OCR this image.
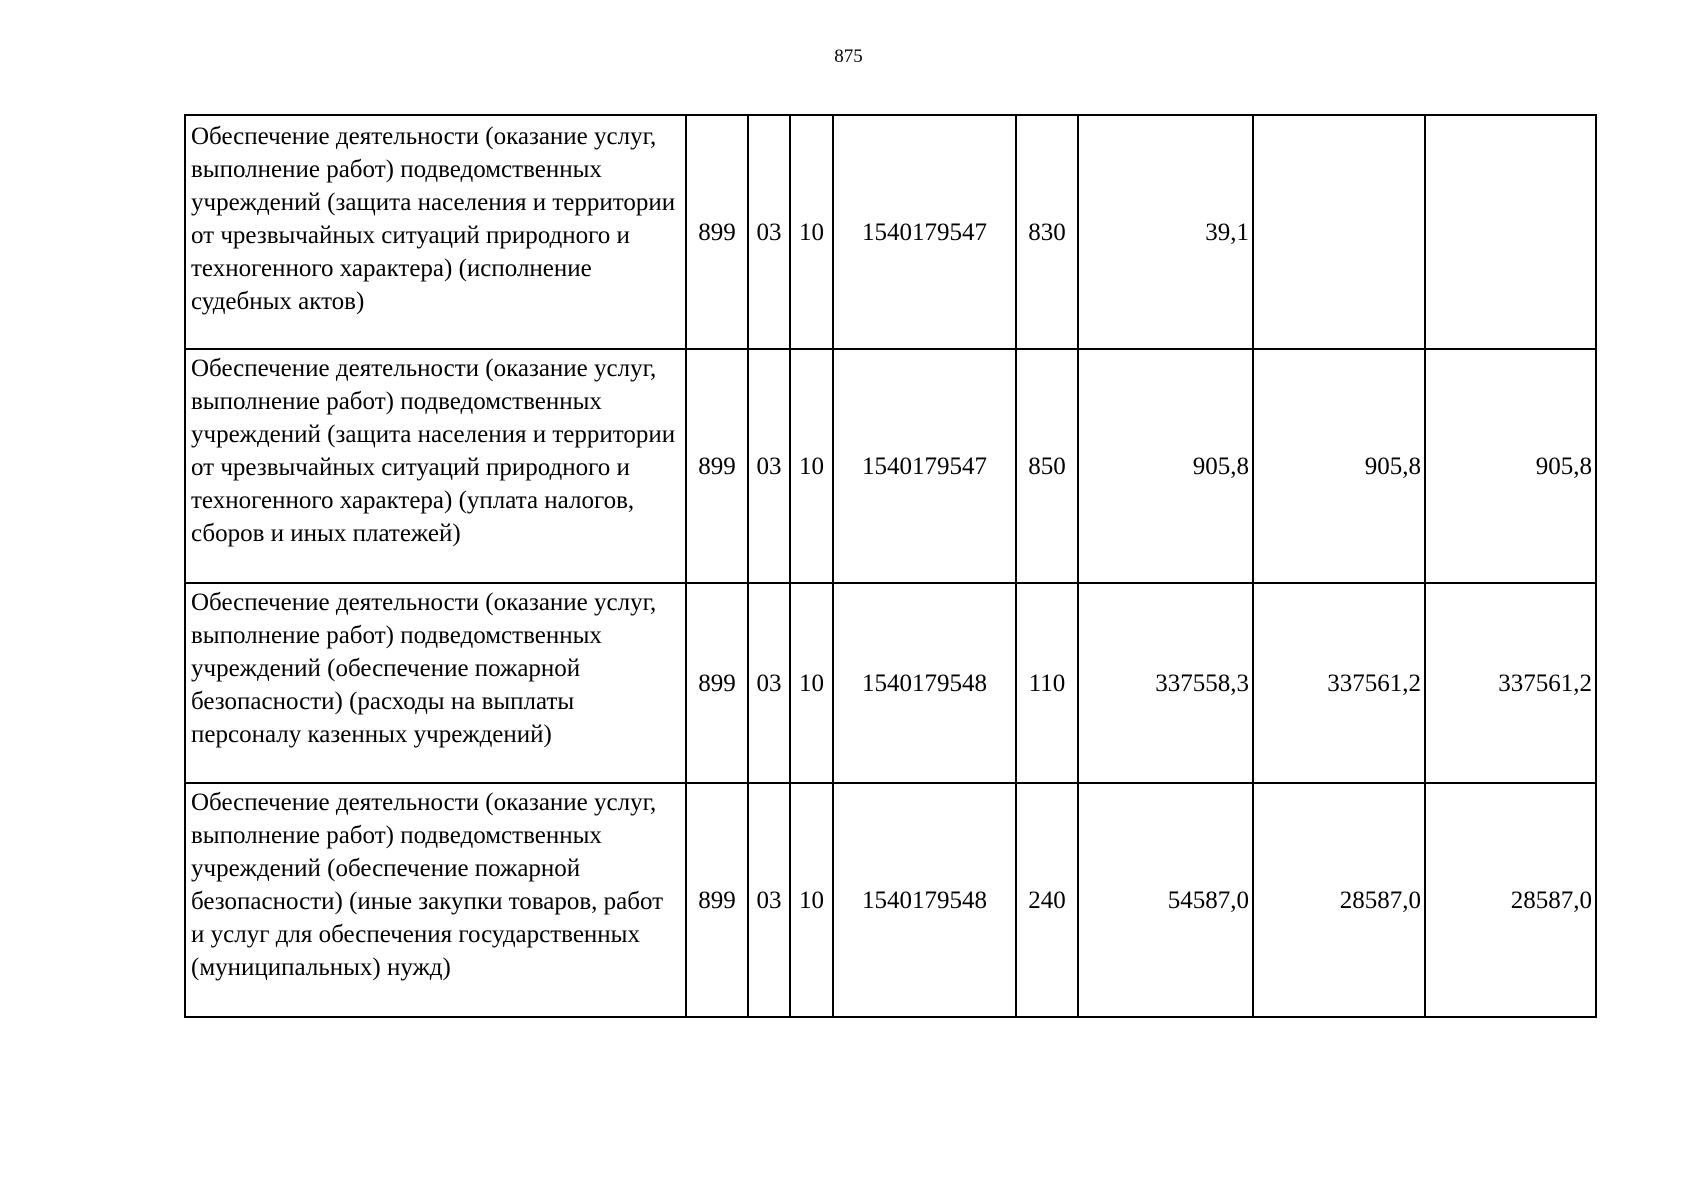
875
Обеспечение деятельности (оказание услуг, выполнение работ) подведомственных учреждений (защита населения и территории от чрезвычайных ситуаций природного и техногенного характера) (исполнение судебных актов)	899	03	10	1540179547	830	39,1		
Обеспечение деятельности (оказание услуг, выполнение работ) подведомственных учреждений (защита населения и территории от чрезвычайных ситуаций природного и техногенного характера) (уплата налогов, сборов и иных платежей)	899	03	10	1540179547	850	905,8	905,8	905,8
Обеспечение деятельности (оказание услуг, выполнение работ) подведомственных учреждений (обеспечение пожарной безопасности) (расходы на выплаты персоналу казенных учреждений)	899	03	10	1540179548	110	337558,3	337561,2	337561,2
Обеспечение деятельности (оказание услуг, выполнение работ) подведомственных учреждений (обеспечение пожарной безопасности) (иные закупки товаров, работ и услуг для обеспечения государственных (муниципальных) нужд)	899	03	10	1540179548	240	54587,0	28587,0	28587,0
